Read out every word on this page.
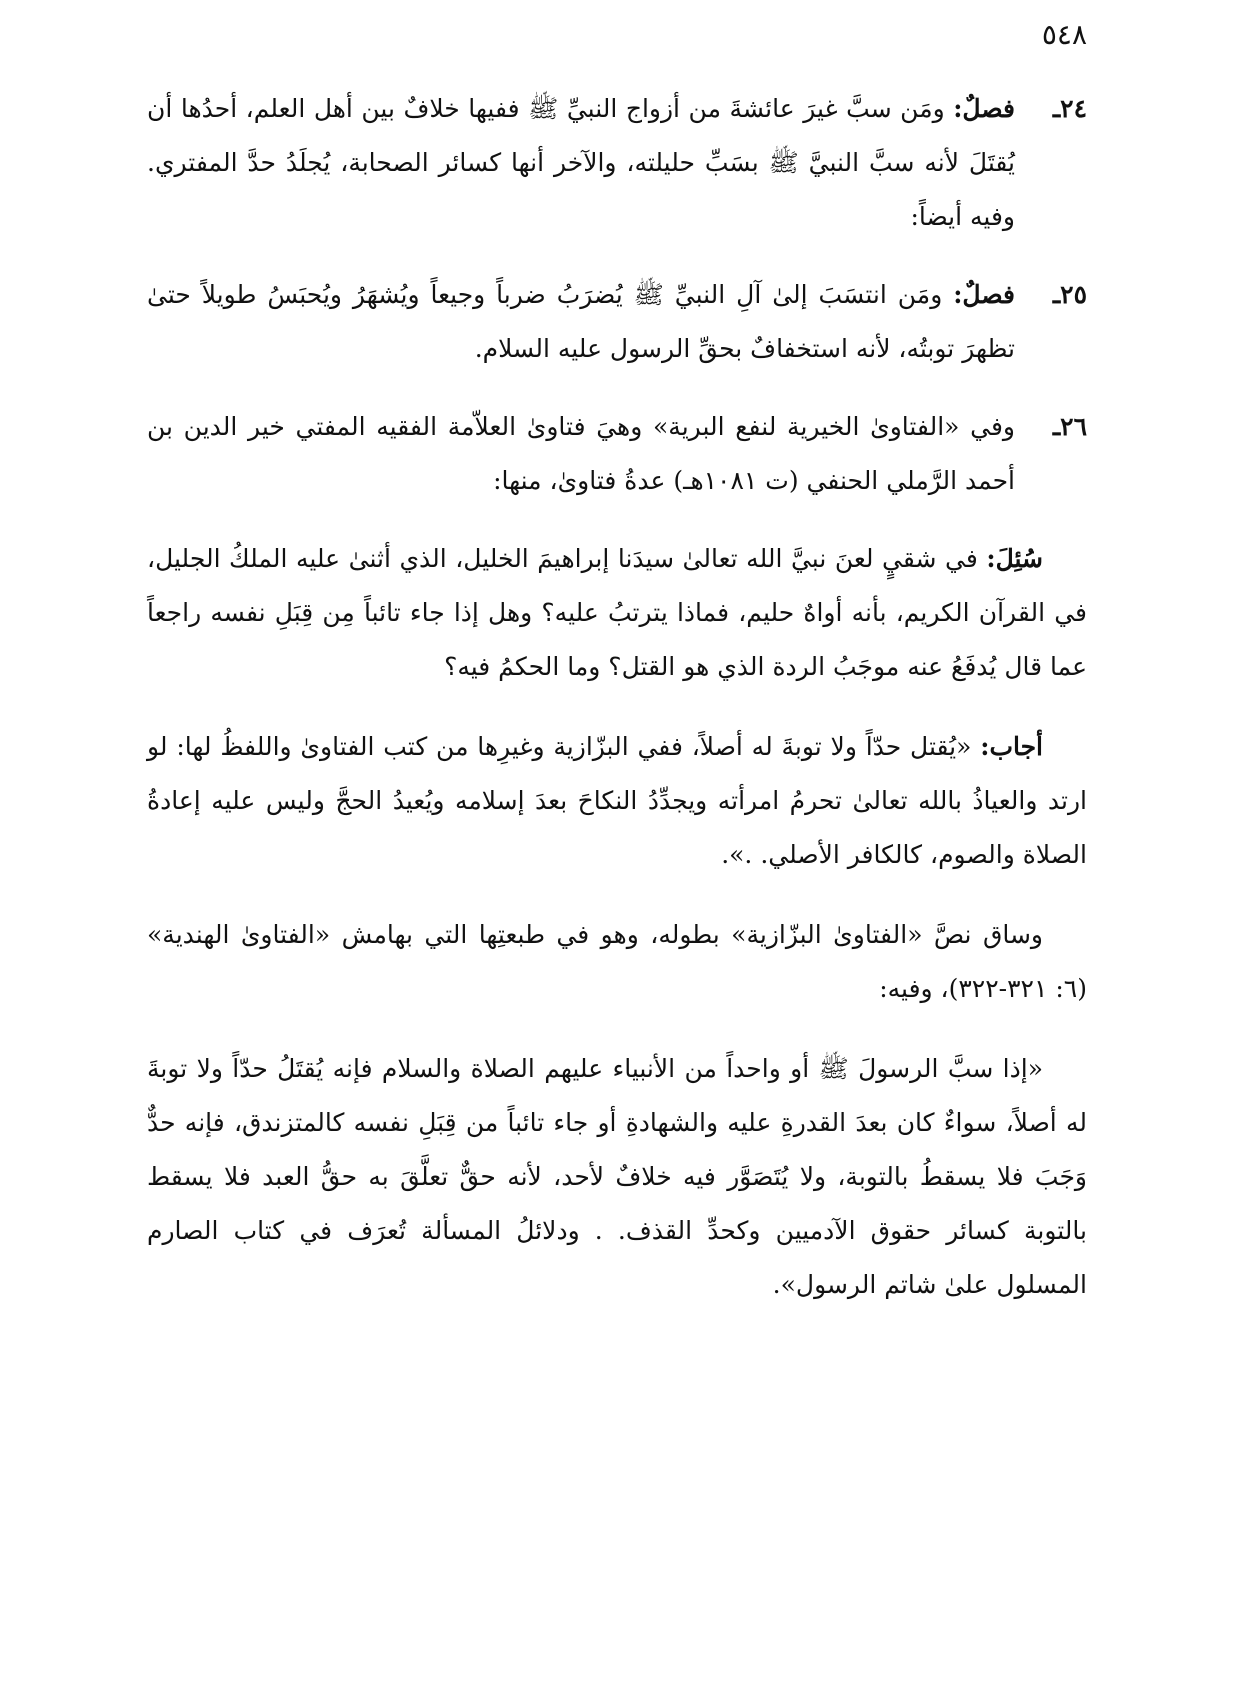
٥٤٨
٢٤ـ
فصلٌ: ومَن سبَّ غيرَ عائشةَ من أزواج النبيِّ ﷺ ففيها خلافٌ بين أهل العلم، أحدُها أن يُقتَلَ لأنه سبَّ النبيَّ ﷺ بسَبِّ حليلته، والآخر أنها كسائر الصحابة، يُجلَدُ حدَّ المفتري. وفيه أيضاً:
٢٥ـ
فصلٌ: ومَن انتسَبَ إلىٰ آلِ النبيِّ ﷺ يُضرَبُ ضرباً وجيعاً ويُشهَرُ ويُحبَسُ طويلاً حتىٰ تظهرَ توبتُه، لأنه استخفافٌ بحقِّ الرسول عليه السلام.
٢٦ـ
وفي «الفتاوىٰ الخيرية لنفع البرية» وهيَ فتاوىٰ العلاّمة الفقيه المفتي خير الدين بن أحمد الرَّملي الحنفي (ت ١٠٨١هـ) عدةُ فتاوىٰ، منها:

سُئِلَ: في شقيٍ لعنَ نبيَّ الله تعالىٰ سيدَنا إبراهيمَ الخليل، الذي أثنىٰ عليه الملكُ الجليل، في القرآن الكريم، بأنه أواهٌ حليم، فماذا يترتبُ عليه؟ وهل إذا جاء تائباً مِن قِبَلِ نفسه راجعاً عما قال يُدفَعُ عنه موجَبُ الردة الذي هو القتل؟ وما الحكمُ فيه؟

أجاب: «يُقتل حدّاً ولا توبةَ له أصلاً، ففي البزّازية وغيرِها من كتب الفتاوىٰ واللفظُ لها: لو ارتد والعياذُ بالله تعالىٰ تحرمُ امرأته ويجدِّدُ النكاحَ بعدَ إسلامه ويُعيدُ الحجَّ وليس عليه إعادةُ الصلاة والصوم، كالكافر الأصلي. .».

وساق نصَّ «الفتاوىٰ البزّازية» بطوله، وهو في طبعتِها التي بهامش «الفتاوىٰ الهندية» (٦: ٣٢١-٣٢٢)، وفيه:

«إذا سبَّ الرسولَ ﷺ أو واحداً من الأنبياء عليهم الصلاة والسلام فإنه يُقتَلُ حدّاً ولا توبةَ له أصلاً، سواءٌ كان بعدَ القدرةِ عليه والشهادةِ أو جاء تائباً من قِبَلِ نفسه كالمتزندق، فإنه حدٌّ وَجَبَ فلا يسقطُ بالتوبة، ولا يُتَصَوَّر فيه خلافٌ لأحد، لأنه حقٌّ تعلَّقَ به حقُّ العبد فلا يسقط بالتوبة كسائر حقوق الآدميين وكحدِّ القذف. . ودلائلُ المسألة تُعرَف في كتاب الصارم المسلول علىٰ شاتم الرسول».
